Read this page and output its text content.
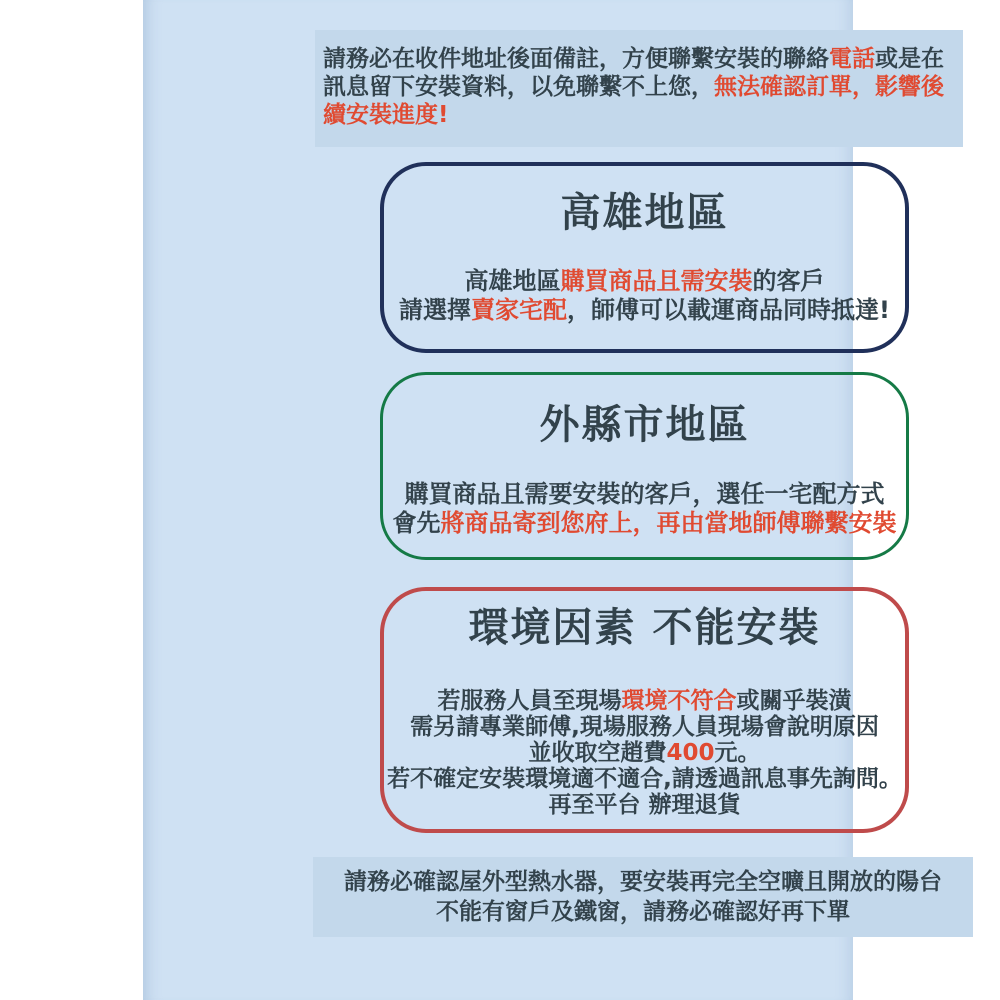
請務必在收件地址後面備註，方便聯繫安裝的聯絡電話或是在
訊息留下安裝資料，以免聯繫不上您，無法確認訂單，影響後
續安裝進度!
高雄地區
高雄地區購買商品且需安裝的客戶
請選擇賣家宅配，師傅可以載運商品同時抵達!
外縣市地區
購買商品且需要安裝的客戶，選任一宅配方式
會先將商品寄到您府上，再由當地師傅聯繫安裝
環境因素 不能安裝
若服務人員至現場環境不符合或關乎裝潢
需另請專業師傅,現場服務人員現場會說明原因
並收取空趙費400元。
若不確定安裝環境適不適合,請透過訊息事先詢問。
再至平台 辦理退貨
請務必確認屋外型熱水器，要安裝再完全空曠且開放的陽台
不能有窗戶及鐵窗，請務必確認好再下單
